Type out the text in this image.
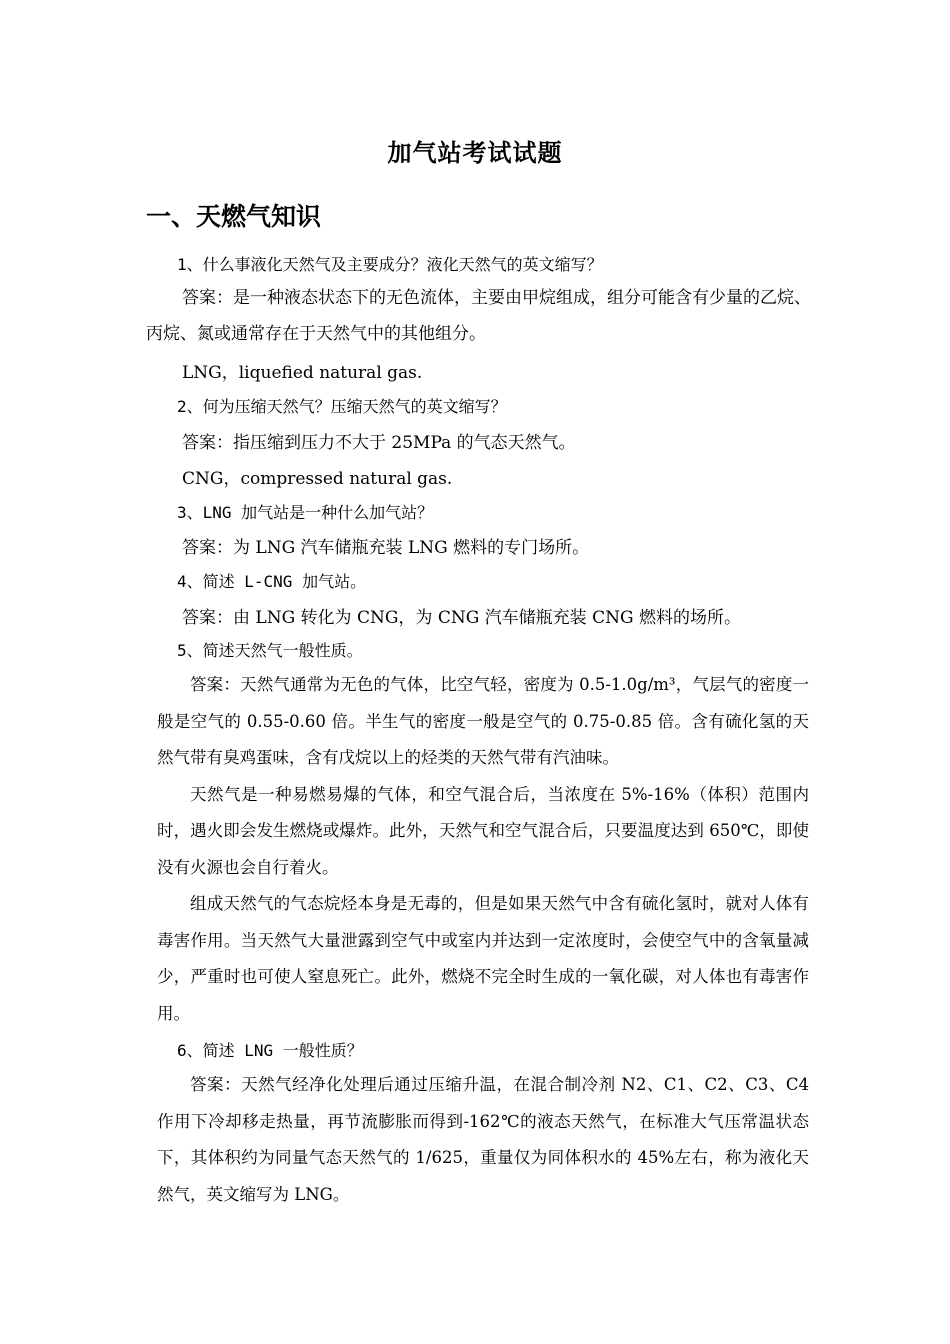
加气站考试试题
一、天燃气知识
1、什么事液化天然气及主要成分？液化天然气的英文缩写？

答案：是一种液态状态下的无色流体，主要由甲烷组成，组分可能含有少量的乙烷、丙烷、氮或通常存在于天然气中的其他组分。

LNG，liquefied natural gas.
2、何为压缩天然气？压缩天然气的英文缩写？
答案：指压缩到压力不大于 25MPa 的气态天然气。
CNG，compressed natural gas.
3、LNG 加气站是一种什么加气站？
答案：为 LNG 汽车储瓶充装 LNG 燃料的专门场所。
4、简述 L-CNG 加气站。
答案：由 LNG 转化为 CNG，为 CNG 汽车储瓶充装 CNG 燃料的场所。
5、简述天然气一般性质。

答案：天然气通常为无色的气体，比空气轻，密度为 0.5-1.0g/m³，气层气的密度一般是空气的 0.55-0.60 倍。半生气的密度一般是空气的 0.75-0.85 倍。含有硫化氢的天然气带有臭鸡蛋味，含有戊烷以上的烃类的天然气带有汽油味。

天然气是一种易燃易爆的气体，和空气混合后，当浓度在 5%-16%（体积）范围内时，遇火即会发生燃烧或爆炸。此外，天然气和空气混合后，只要温度达到 650℃，即使没有火源也会自行着火。

组成天然气的气态烷烃本身是无毒的，但是如果天然气中含有硫化氢时，就对人体有毒害作用。当天然气大量泄露到空气中或室内并达到一定浓度时，会使空气中的含氧量减少，严重时也可使人窒息死亡。此外，燃烧不完全时生成的一氧化碳，对人体也有毒害作用。

6、简述 LNG 一般性质？

答案：天然气经净化处理后通过压缩升温，在混合制冷剂 N2、C1、C2、C3、C4 作用下冷却移走热量，再节流膨胀而得到-162℃的液态天然气，在标准大气压常温状态下，其体积约为同量气态天然气的 1/625，重量仅为同体积水的 45%左右，称为液化天然气，英文缩写为 LNG。
